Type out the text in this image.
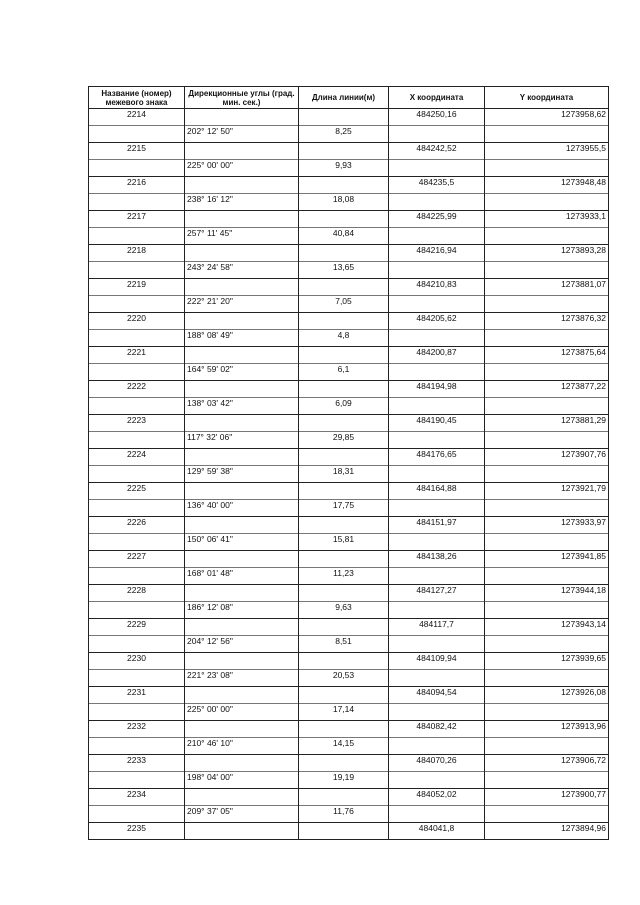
Название (номер) межевого знака	Дирекционные углы (град. мин. сек.)	Длина линии(м)	X координата	Y координата
2214			484250,16	1273958,62
	202° 12' 50"	8,25		
2215			484242,52	1273955,5
	225° 00' 00"	9,93		
2216			484235,5	1273948,48
	238° 16' 12"	18,08		
2217			484225,99	1273933,1
	257° 11' 45"	40,84		
2218			484216,94	1273893,28
	243° 24' 58"	13,65		
2219			484210,83	1273881,07
	222° 21' 20"	7,05		
2220			484205,62	1273876,32
	188° 08' 49"	4,8		
2221			484200,87	1273875,64
	164° 59' 02"	6,1		
2222			484194,98	1273877,22
	138° 03' 42"	6,09		
2223			484190,45	1273881,29
	117° 32' 06"	29,85		
2224			484176,65	1273907,76
	129° 59' 38"	18,31		
2225			484164,88	1273921,79
	136° 40' 00"	17,75		
2226			484151,97	1273933,97
	150° 06' 41"	15,81		
2227			484138,26	1273941,85
	168° 01' 48"	11,23		
2228			484127,27	1273944,18
	186° 12' 08"	9,63		
2229			484117,7	1273943,14
	204° 12' 56"	8,51		
2230			484109,94	1273939,65
	221° 23' 08"	20,53		
2231			484094,54	1273926,08
	225° 00' 00"	17,14		
2232			484082,42	1273913,96
	210° 46' 10"	14,15		
2233			484070,26	1273906,72
	198° 04' 00"	19,19		
2234			484052,02	1273900,77
	209° 37' 05"	11,76		
2235			484041,8	1273894,96
